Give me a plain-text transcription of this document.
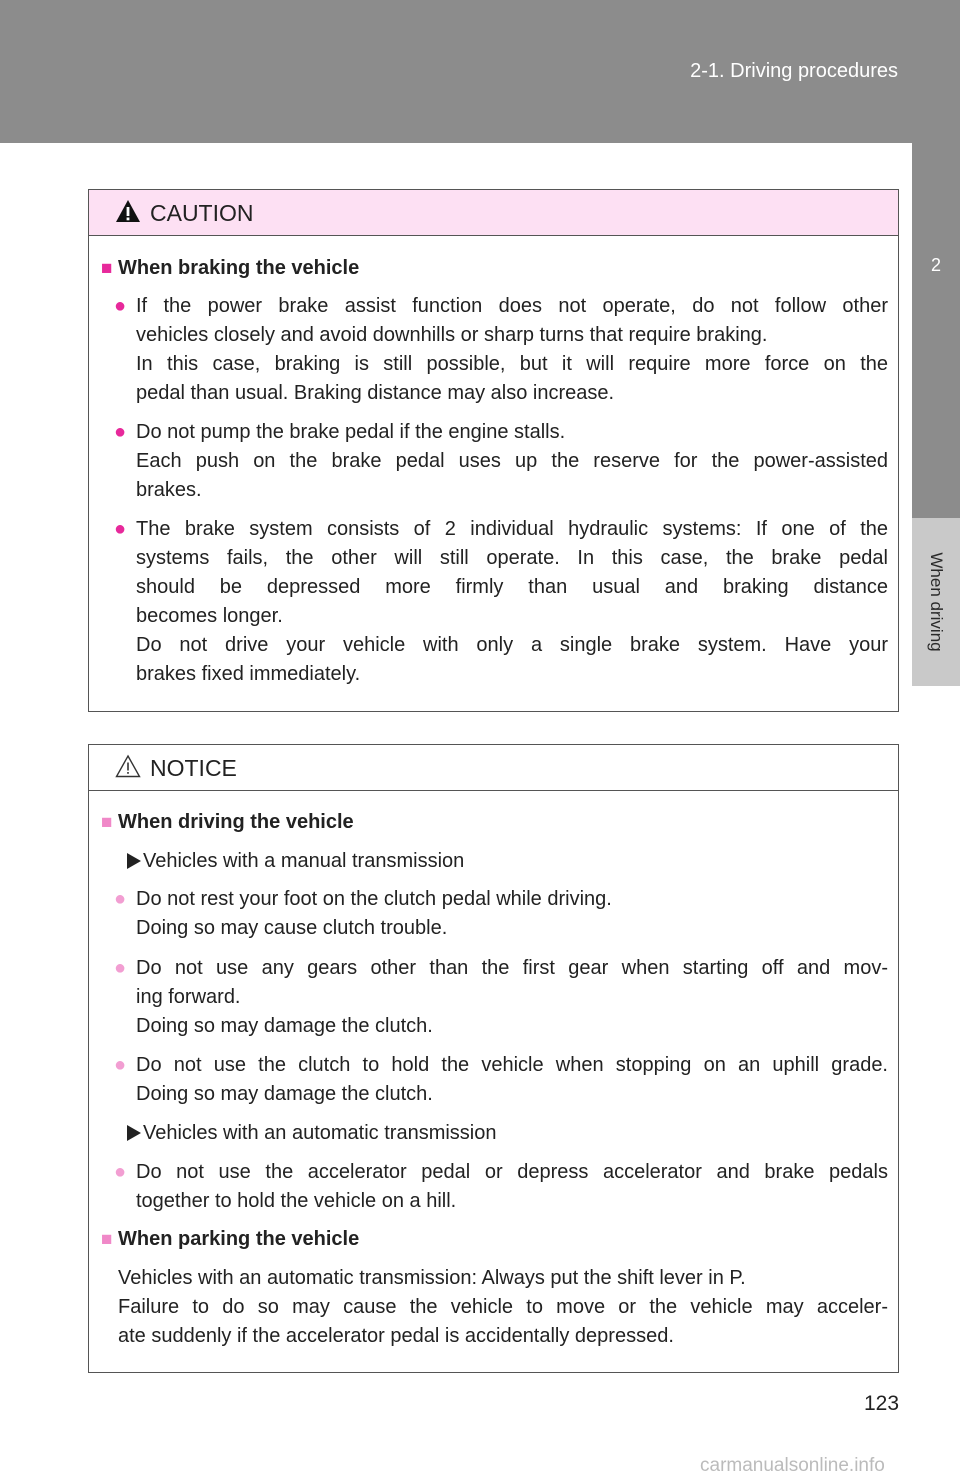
2-1. Driving procedures
2
When driving
CAUTION
■ When braking the vehicle
● If the power brake assist function does not operate, do not follow other
vehicles closely and avoid downhills or sharp turns that require braking.
In this case, braking is still possible, but it will require more force on the
pedal than usual. Braking distance may also increase.
● Do not pump the brake pedal if the engine stalls.
Each push on the brake pedal uses up the reserve for the power-assisted
brakes.
● The brake system consists of 2 individual hydraulic systems: If one of the
systems fails, the other will still operate. In this case, the brake pedal
should be depressed more firmly than usual and braking distance
becomes longer.
Do not drive your vehicle with only a single brake system. Have your
brakes fixed immediately.
NOTICE
■ When driving the vehicle
Vehicles with a manual transmission
● Do not rest your foot on the clutch pedal while driving.
Doing so may cause clutch trouble.
● Do not use any gears other than the first gear when starting off and mov-
ing forward.
Doing so may damage the clutch.
● Do not use the clutch to hold the vehicle when stopping on an uphill grade.
Doing so may damage the clutch.
Vehicles with an automatic transmission
● Do not use the accelerator pedal or depress accelerator and brake pedals
together to hold the vehicle on a hill.
■ When parking the vehicle
Vehicles with an automatic transmission: Always put the shift lever in P.
Failure to do so may cause the vehicle to move or the vehicle may acceler-
ate suddenly if the accelerator pedal is accidentally depressed.
123
carmanualsonline.info
